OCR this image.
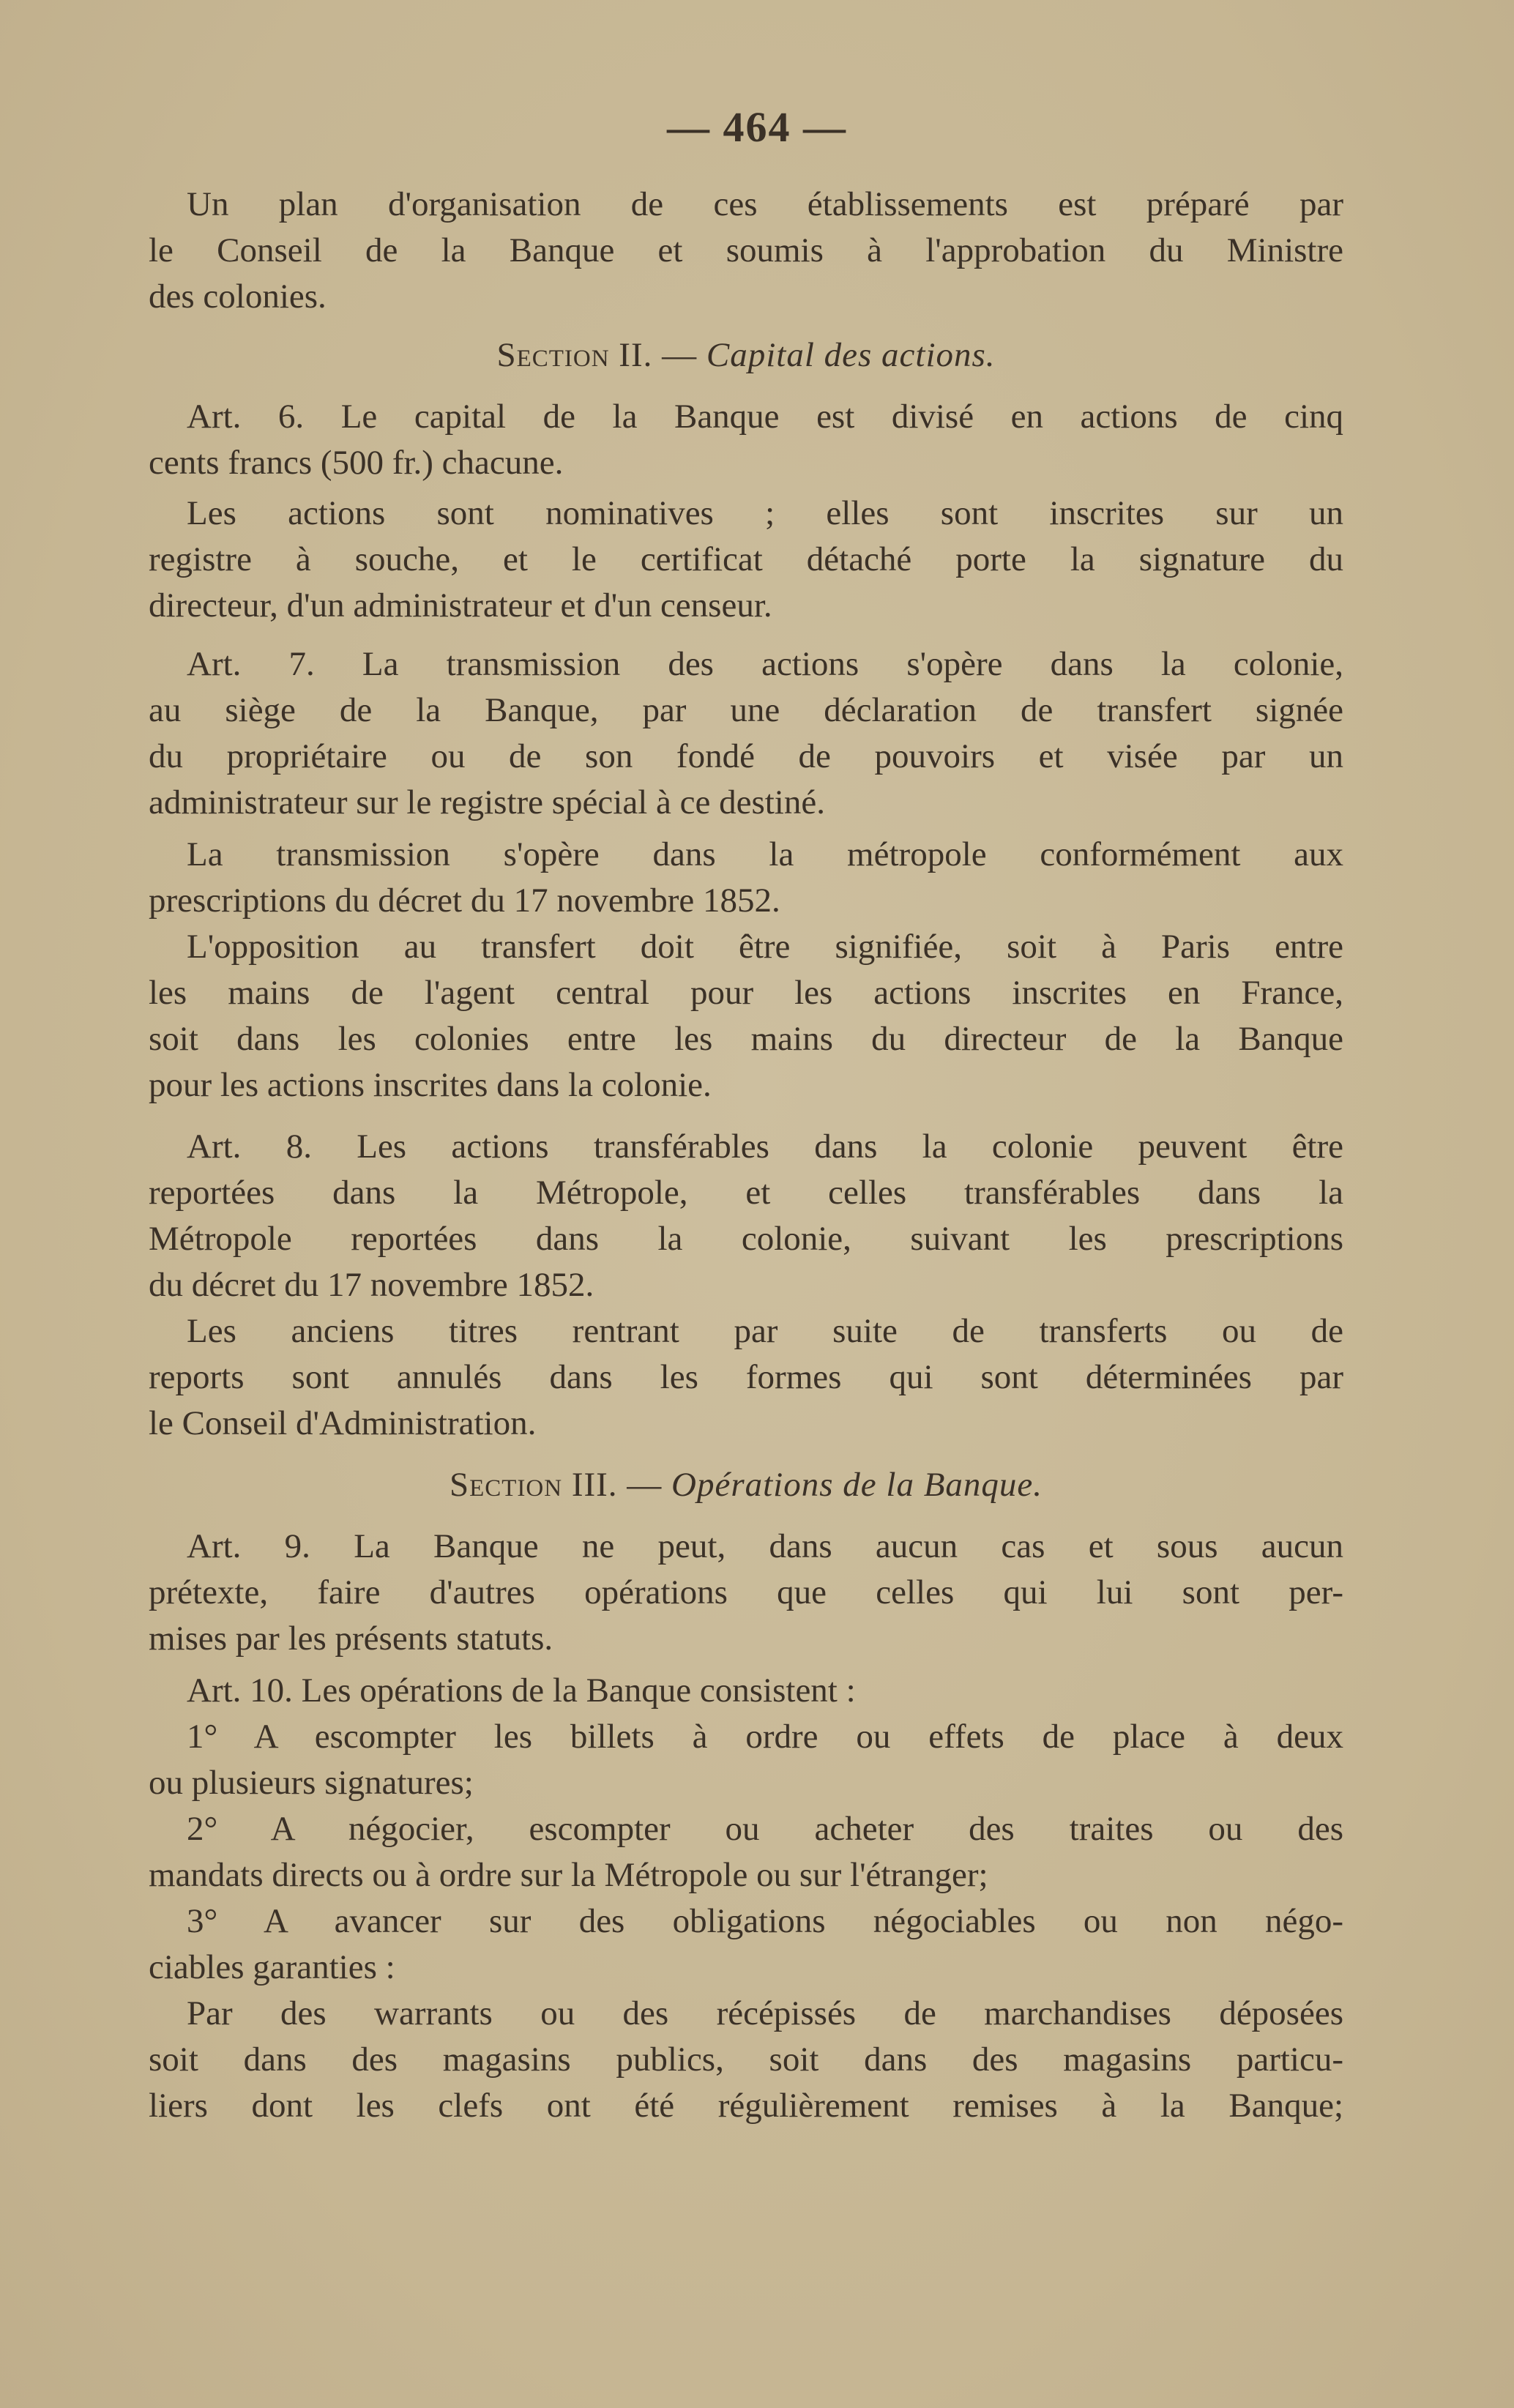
— 464 —
Un plan d'organisation de ces établissements est préparé par
le Conseil de la Banque et soumis à l'approbation du Ministre
des colonies.
Section II. — Capital des actions.
Art. 6. Le capital de la Banque est divisé en actions de cinq
cents francs (500 fr.) chacune.
Les actions sont nominatives ; elles sont inscrites sur un
registre à souche, et le certificat détaché porte la signature du
directeur, d'un administrateur et d'un censeur.
Art. 7. La transmission des actions s'opère dans la colonie,
au siège de la Banque, par une déclaration de transfert signée
du propriétaire ou de son fondé de pouvoirs et visée par un
administrateur sur le registre spécial à ce destiné.
La transmission s'opère dans la métropole conformément aux
prescriptions du décret du 17 novembre 1852.
L'opposition au transfert doit être signifiée, soit à Paris entre
les mains de l'agent central pour les actions inscrites en France,
soit dans les colonies entre les mains du directeur de la Banque
pour les actions inscrites dans la colonie.
Art. 8. Les actions transférables dans la colonie peuvent être
reportées dans la Métropole, et celles transférables dans la
Métropole reportées dans la colonie, suivant les prescriptions
du décret du 17 novembre 1852.
Les anciens titres rentrant par suite de transferts ou de
reports sont annulés dans les formes qui sont déterminées par
le Conseil d'Administration.
Section III. — Opérations de la Banque.
Art. 9. La Banque ne peut, dans aucun cas et sous aucun
prétexte, faire d'autres opérations que celles qui lui sont per-
mises par les présents statuts.
Art. 10. Les opérations de la Banque consistent :
1° A escompter les billets à ordre ou effets de place à deux
ou plusieurs signatures;
2° A négocier, escompter ou acheter des traites ou des
mandats directs ou à ordre sur la Métropole ou sur l'étranger;
3° A avancer sur des obligations négociables ou non négo-
ciables garanties :
Par des warrants ou des récépissés de marchandises déposées
soit dans des magasins publics, soit dans des magasins particu-
liers dont les clefs ont été régulièrement remises à la Banque;
